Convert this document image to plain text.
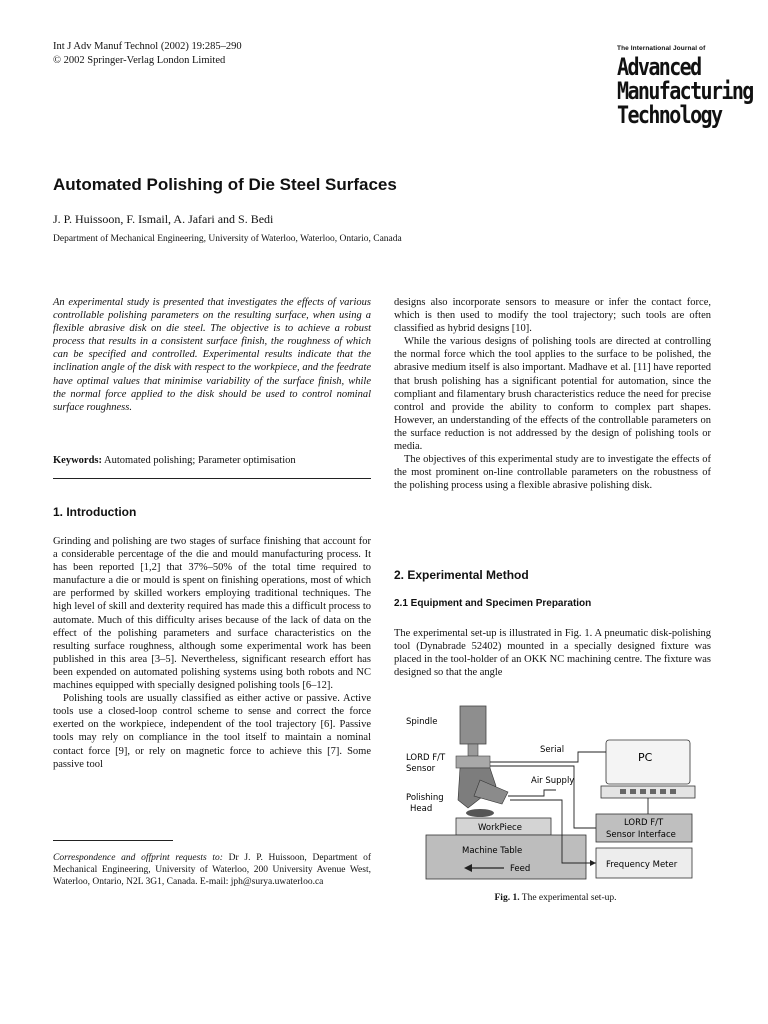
Int J Adv Manuf Technol (2002) 19:285–290
© 2002 Springer-Verlag London Limited
The International Journal of
Advanced
Manufacturing
Technology
Automated Polishing of Die Steel Surfaces
J. P. Huissoon, F. Ismail, A. Jafari and S. Bedi
Department of Mechanical Engineering, University of Waterloo, Waterloo, Ontario, Canada

An experimental study is presented that investigates the effects of various controllable polishing parameters on the resulting surface, when using a flexible abrasive disk on die steel. The objective is to achieve a robust process that results in a consistent surface finish, the roughness of which can be specified and controlled. Experimental results indicate that the inclination angle of the disk with respect to the workpiece, and the feedrate have optimal values that minimise variability of the surface finish, while the normal force applied to the disk should be used to control nominal surface roughness.

Keywords: Automated polishing; Parameter optimisation

1. Introduction

Grinding and polishing are two stages of surface finishing that account for a considerable percentage of the die and mould manufacturing process. It has been reported [1,2] that 37%–50% of the total time required to manufacture a die or mould is spent on finishing operations, most of which are performed by skilled workers employing traditional techniques. The high level of skill and dexterity required has made this a difficult process to automate. Much of this difficulty arises because of the lack of data on the effect of the polishing parameters and surface characteristics on the resulting surface roughness, although some experimental work has been published in this area [3–5]. Nevertheless, significant research effort has been expended on automated polishing systems using both robots and NC machines equipped with specially designed polishing tools [6–12].

Polishing tools are usually classified as either active or passive. Active tools use a closed-loop control scheme to sense and correct the force exerted on the workpiece, independent of the tool trajectory [6]. Passive tools may rely on compliance in the tool itself to maintain a nominal contact force [9], or rely on magnetic force to achieve this [7]. Some passive tool

Correspondence and offprint requests to: Dr J. P. Huissoon, Department of Mechanical Engineering, University of Waterloo, 200 University Avenue West, Waterloo, Ontario, N2L 3G1, Canada. E-mail: jph@surya.uwaterloo.ca

designs also incorporate sensors to measure or infer the contact force, which is then used to modify the tool trajectory; such tools are often classified as hybrid designs [10].

While the various designs of polishing tools are directed at controlling the normal force which the tool applies to the surface to be polished, the abrasive medium itself is also important. Madhave et al. [11] have reported that brush polishing has a significant potential for automation, since the compliant and filamentary brush characteristics reduce the need for precise control and provide the ability to conform to complex part shapes. However, an understanding of the effects of the controllable parameters on the surface reduction is not addressed by the design of polishing tools or media.

The objectives of this experimental study are to investigate the effects of the most prominent on-line controllable parameters on the robustness of the polishing process using a flexible abrasive polishing disk.

2. Experimental Method
2.1 Equipment and Specimen Preparation

The experimental set-up is illustrated in Fig. 1. A pneumatic disk-polishing tool (Dynabrade 52402) mounted in a specially designed fixture was placed in the tool-holder of an OKK NC machining centre. The fixture was designed so that the angle

Spindle
LORD F/T
Sensor
Serial
PC
Air Supply
Polishing
Head
WorkPiece	LORD F/T
Sensor Interface
Machine Table
Feed	Frequency Meter
Fig. 1. The experimental set-up.
